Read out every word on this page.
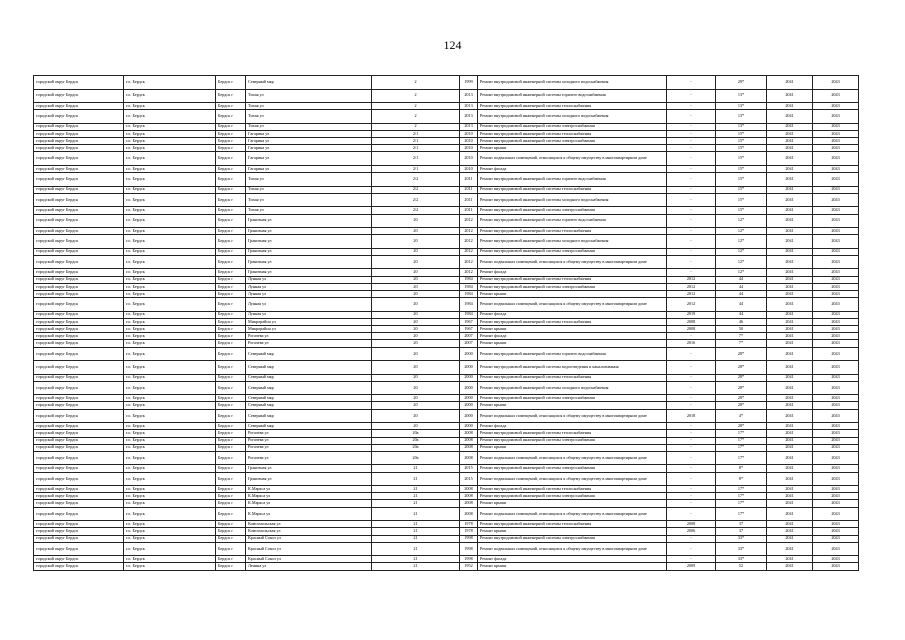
124
городской округ Бердск	г.о. Бердск	Бердск г	Северный мкр	2	1999	Ремонт внутридомовой инженерной системы холодного водоснабжения	-	29*	2041	2043
городской округ Бердск	г.о. Бердск	Бердск г	Тихая ул	2	2013	Ремонт внутридомовой инженерной системы горячего водоснабжения	-	13*	2041	2043
городской округ Бердск	г.о. Бердск	Бердск г	Тихая ул	2	2013	Ремонт внутридомовой инженерной системы теплоснабжения	-	13*	2041	2043
городской округ Бердск	г.о. Бердск	Бердск г	Тихая ул	2	2013	Ремонт внутридомовой инженерной системы холодного водоснабжения	-	13*	2041	2043
городской округ Бердск	г.о. Бердск	Бердск г	Тихая ул	2	2013	Ремонт внутридомовой инженерной системы электроснабжения	-	13*	2041	2043
городской округ Бердск	г.о. Бердск	Бердск г	Гагарина ул	2/1	2010	Ремонт внутридомовой инженерной системы теплоснабжения	-	15*	2041	2043
городской округ Бердск	г.о. Бердск	Бердск г	Гагарина ул	2/1	2010	Ремонт внутридомовой инженерной системы электроснабжения	-	15*	2041	2043
городской округ Бердск	г.о. Бердск	Бердск г	Гагарина ул	2/1	2010	Ремонт крыши	-	15*	2041	2043
городской округ Бердск	г.о. Бердск	Бердск г	Гагарина ул	2/1	2010	Ремонт подвальных помещений, относящихся к общему имуществу в многоквартирном доме	-	15*	2041	2043
городской округ Бердск	г.о. Бердск	Бердск г	Гагарина ул	2/1	2010	Ремонт фасада	-	15*	2041	2043
городской округ Бердск	г.о. Бердск	Бердск г	Тихая ул	2/2	2011	Ремонт внутридомовой инженерной системы горячего водоснабжения	-	15*	2041	2043
городской округ Бердск	г.о. Бердск	Бердск г	Тихая ул	2/2	2011	Ремонт внутридомовой инженерной системы теплоснабжения	-	15*	2041	2043
городской округ Бердск	г.о. Бердск	Бердск г	Тихая ул	2/2	2011	Ремонт внутридомовой инженерной системы холодного водоснабжения	-	15*	2041	2043
городской округ Бердск	г.о. Бердск	Бердск г	Тихая ул	2/2	2011	Ремонт внутридомовой инженерной системы электроснабжения	-	15*	2041	2043
городской округ Бердск	г.о. Бердск	Бердск г	Гранитная ул	20	2012	Ремонт внутридомовой инженерной системы горячего водоснабжения	-	12*	2041	2043
городской округ Бердск	г.о. Бердск	Бердск г	Гранитная ул	20	2012	Ремонт внутридомовой инженерной системы теплоснабжения	-	12*	2041	2043
городской округ Бердск	г.о. Бердск	Бердск г	Гранитная ул	20	2012	Ремонт внутридомовой инженерной системы холодного водоснабжения	-	12*	2041	2043
городской округ Бердск	г.о. Бердск	Бердск г	Гранитная ул	20	2012	Ремонт внутридомовой инженерной системы электроснабжения	-	12*	2041	2043
городской округ Бердск	г.о. Бердск	Бердск г	Гранитная ул	20	2012	Ремонт подвальных помещений, относящихся к общему имуществу в многоквартирном доме	-	12*	2041	2043
городской округ Бердск	г.о. Бердск	Бердск г	Гранитная ул	20	2012	Ремонт фасада	-	12*	2041	2043
городской округ Бердск	г.о. Бердск	Бердск г	Лунная ул	20	1984	Ремонт внутридомовой инженерной системы теплоснабжения	2012	44	2041	2043
городской округ Бердск	г.о. Бердск	Бердск г	Лунная ул	20	1984	Ремонт внутридомовой инженерной системы электроснабжения	2012	44	2041	2043
городской округ Бердск	г.о. Бердск	Бердск г	Лунная ул	20	1984	Ремонт крыши	2012	44	2041	2043
городской округ Бердск	г.о. Бердск	Бердск г	Лунная ул	20	1984	Ремонт подвальных помещений, относящихся к общему имуществу в многоквартирном доме	2012	44	2041	2043
городской округ Бердск	г.о. Бердск	Бердск г	Лунная ул	20	1984	Ремонт фасада	2019	44	2041	2043
городской округ Бердск	г.о. Бердск	Бердск г	Микрорайон ул	20	1967	Ремонт внутридомовой инженерной системы теплоснабжения	2008	46	2041	2043
городской округ Бердск	г.о. Бердск	Бердск г	Микрорайон ул	20	1967	Ремонт крыши	2008	50	2041	2043
городской округ Бердск	г.о. Бердск	Бердск г	Рогачева ул	20	2007	Ремонт фасада	-	7*	2041	2043
городской округ Бердск	г.о. Бердск	Бердск г	Рогачева ул	20	2007	Ремонт крыши	2016	7*	2041	2043
городской округ Бердск	г.о. Бердск	Бердск г	Северный мкр	20	2000	Ремонт внутридомовой инженерной системы горячего водоснабжения	-	28*	2041	2043
городской округ Бердск	г.о. Бердск	Бердск г	Северный мкр	20	2000	Ремонт внутридомовой инженерной системы водоотведения и канализования	-	28*	2041	2043
городской округ Бердск	г.о. Бердск	Бердск г	Северный мкр	20	2000	Ремонт внутридомовой инженерной системы теплоснабжения	-	28*	2041	2043
городской округ Бердск	г.о. Бердск	Бердск г	Северный мкр	20	2000	Ремонт внутридомовой инженерной системы холодного водоснабжения	-	28*	2041	2043
городской округ Бердск	г.о. Бердск	Бердск г	Северный мкр	20	2000	Ремонт внутридомовой инженерной системы электроснабжения	-	28*	2041	2043
городской округ Бердск	г.о. Бердск	Бердск г	Северный мкр	20	2000	Ремонт крыши	-	28*	2041	2043
городской округ Бердск	г.о. Бердск	Бердск г	Северный мкр	20	2000	Ремонт подвальных помещений, относящихся к общему имуществу в многоквартирном доме	2018	4*	2041	2043
городской округ Бердск	г.о. Бердск	Бердск г	Северный мкр	20	2000	Ремонт фасада	-	28*	2041	2043
городской округ Бердск	г.о. Бердск	Бердск г	Рогачева ул	20а	2008	Ремонт внутридомовой инженерной системы теплоснабжения	-	17*	2041	2043
городской округ Бердск	г.о. Бердск	Бердск г	Рогачева ул	20а	2008	Ремонт внутридомовой инженерной системы электроснабжения	-	17*	2041	2043
городской округ Бердск	г.о. Бердск	Бердск г	Рогачева ул	20а	2008	Ремонт крыши	-	17*	2041	2043
городской округ Бердск	г.о. Бердск	Бердск г	Рогачева ул	20а	2008	Ремонт подвальных помещений, относящихся к общему имуществу в многоквартирном доме	-	17*	2041	2043
городской округ Бердск	г.о. Бердск	Бердск г	Гранитная ул	21	2015	Ремонт внутридомовой инженерной системы электроснабжения	-	8*	2041	2043
городской округ Бердск	г.о. Бердск	Бердск г	Гранитная ул	21	2015	Ремонт подвальных помещений, относящихся к общему имуществу в многоквартирном доме	-	8*	2041	2043
городской округ Бердск	г.о. Бердск	Бердск г	К.Маркса ул	21	2008	Ремонт внутридомовой инженерной системы теплоснабжения	-	17*	2041	2043
городской округ Бердск	г.о. Бердск	Бердск г	К.Маркса ул	21	2008	Ремонт внутридомовой инженерной системы электроснабжения	-	17*	2041	2043
городской округ Бердск	г.о. Бердск	Бердск г	К.Маркса ул	21	2008	Ремонт крыши	-	17*	2041	2043
городской округ Бердск	г.о. Бердск	Бердск г	К.Маркса ул	21	2008	Ремонт подвальных помещений, относящихся к общему имуществу в многоквартирном доме	-	17*	2041	2043
городской округ Бердск	г.о. Бердск	Бердск г	Комсомольская ул	21	1978	Ремонт внутридомовой инженерной системы теплоснабжения	2008	37	2041	2043
городской округ Бердск	г.о. Бердск	Бердск г	Комсомольская ул	21	1978	Ремонт крыши	2006	37	2041	2043
городской округ Бердск	г.о. Бердск	Бердск г	Красный Сокол ул	21	1998	Ремонт внутридомовой инженерной системы электроснабжения	-	33*	2041	2043
городской округ Бердск	г.о. Бердск	Бердск г	Красный Сокол ул	21	1998	Ремонт подвальных помещений, относящихся к общему имуществу в многоквартирном доме	-	33*	2041	2043
городской округ Бердск	г.о. Бердск	Бердск г	Красный Сокол ул	21	1998	Ремонт фасада	-	33*	2041	2043
городской округ Бердск	г.о. Бердск	Бердск г	Ленина ул	21	1952	Ремонт крыши	2009	52	2041	2043
